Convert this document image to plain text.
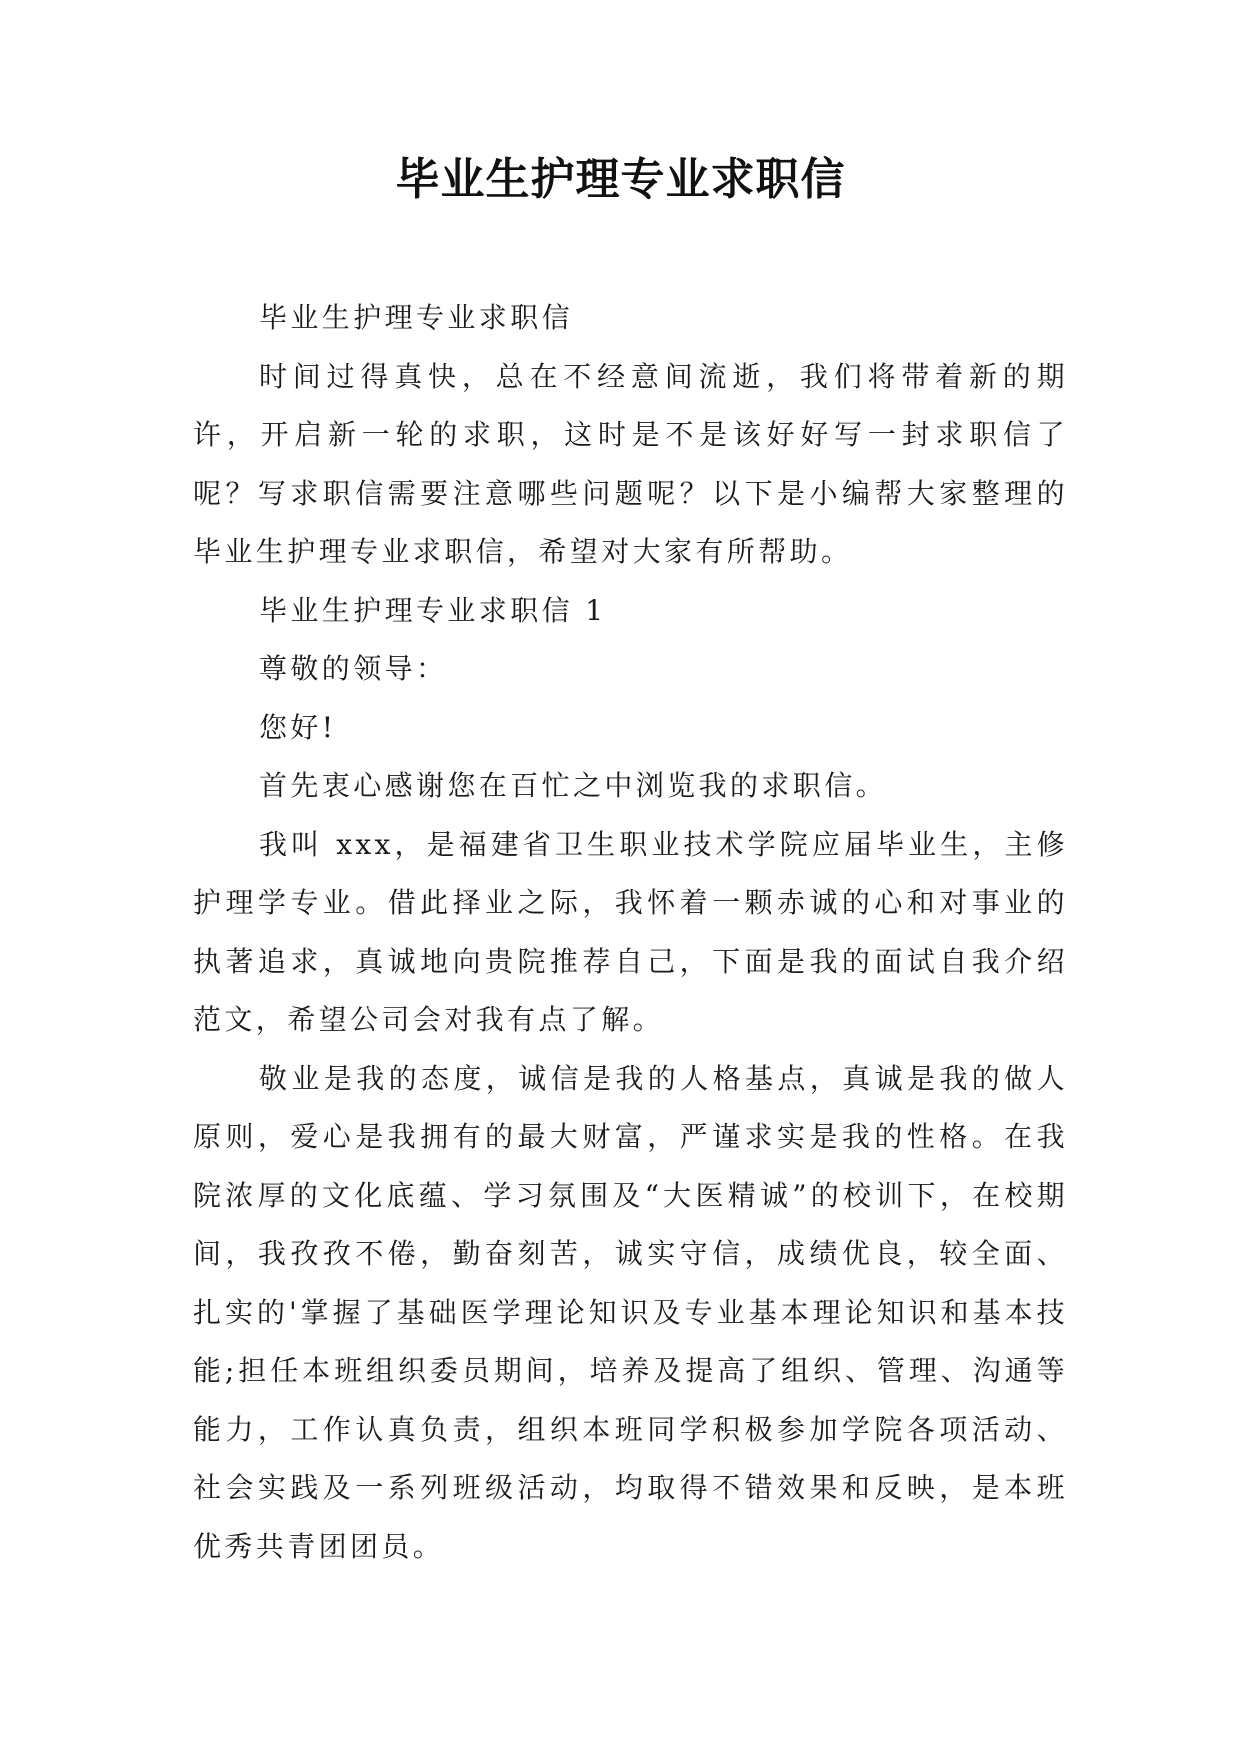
毕业生护理专业求职信

毕业生护理专业求职信

时间过得真快，总在不经意间流逝，我们将带着新的期许，开启新一轮的求职，这时是不是该好好写一封求职信了呢？写求职信需要注意哪些问题呢？以下是小编帮大家整理的毕业生护理专业求职信，希望对大家有所帮助。

毕业生护理专业求职信 1

尊敬的领导：

您好!

首先衷心感谢您在百忙之中浏览我的求职信。

我叫 xxx，是福建省卫生职业技术学院应届毕业生，主修护理学专业。借此择业之际，我怀着一颗赤诚的心和对事业的执著追求，真诚地向贵院推荐自己，下面是我的面试自我介绍范文，希望公司会对我有点了解。

敬业是我的态度，诚信是我的人格基点，真诚是我的做人原则，爱心是我拥有的最大财富，严谨求实是我的性格。在我院浓厚的文化底蕴、学习氛围及“大医精诚”的校训下，在校期间，我孜孜不倦，勤奋刻苦，诚实守信，成绩优良，较全面、扎实的'掌握了基础医学理论知识及专业基本理论知识和基本技能;担任本班组织委员期间，培养及提高了组织、管理、沟通等能力，工作认真负责，组织本班同学积极参加学院各项活动、社会实践及一系列班级活动，均取得不错效果和反映，是本班优秀共青团团员。
